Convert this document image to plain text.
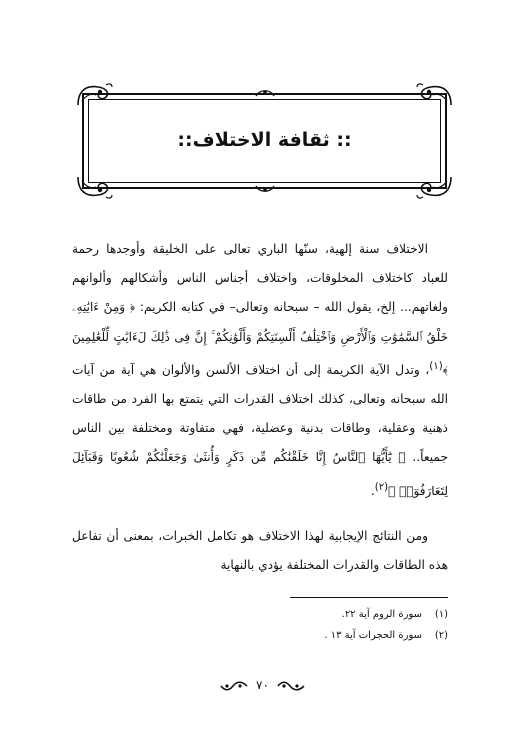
:: ثقافة الاختلاف::

الاختلاف سنة إلهية، سنّها الباري تعالى على الخليقة وأوجدها رحمة للعباد كاختلاف المخلوقات، واختلاف أجناس الناس وأشكالهم وألوانهم ولغاتهم... إلخ، يقول الله – سبحانه وتعالى– في كتابه الكريم: ﴿ وَمِنْ ءَايَٰتِهِۦ خَلْقُ ٱلسَّمَٰوَٰتِ وَٱلْأَرْضِ وَٱخْتِلَٰفُ أَلْسِنَتِكُمْ وَأَلْوَٰنِكُمْ ۚ إِنَّ فِى ذَٰلِكَ لَءَايَٰتٍ لِّلْعَٰلِمِينَ ﴾$^{(١)}$، وتدل الآية الكريمة إلى أن اختلاف الألسن والألوان هي آية من آيات الله سبحانه وتعالى، كذلك اختلاف القدرات التي يتمتع بها الفرد من طاقات ذهنية وعقلية، وطاقات بدنية وعضلية، فهي متفاوتة ومختلفة بين الناس جميعاً.. ﴿ يَٰٓأَيُّهَا ٱلنَّاسُ إِنَّا خَلَقْنَٰكُم مِّن ذَكَرٍ وَأُنثَىٰ وَجَعَلْنَٰكُمْ شُعُوبًا وَقَبَآئِلَ لِتَعَارَفُوٓا۟ ﴾$^{(٢)}$.

ومن النتائج الإيجابية لهذا الاختلاف هو تكامل الخبرات، بمعنى أن تفاعل هذه الطاقات والقدرات المختلفة يؤدي بالنهاية

(١)سورة الروم آية ٢٢.
(٢)سورة الحجرات آية ١٣ .
٧٠
